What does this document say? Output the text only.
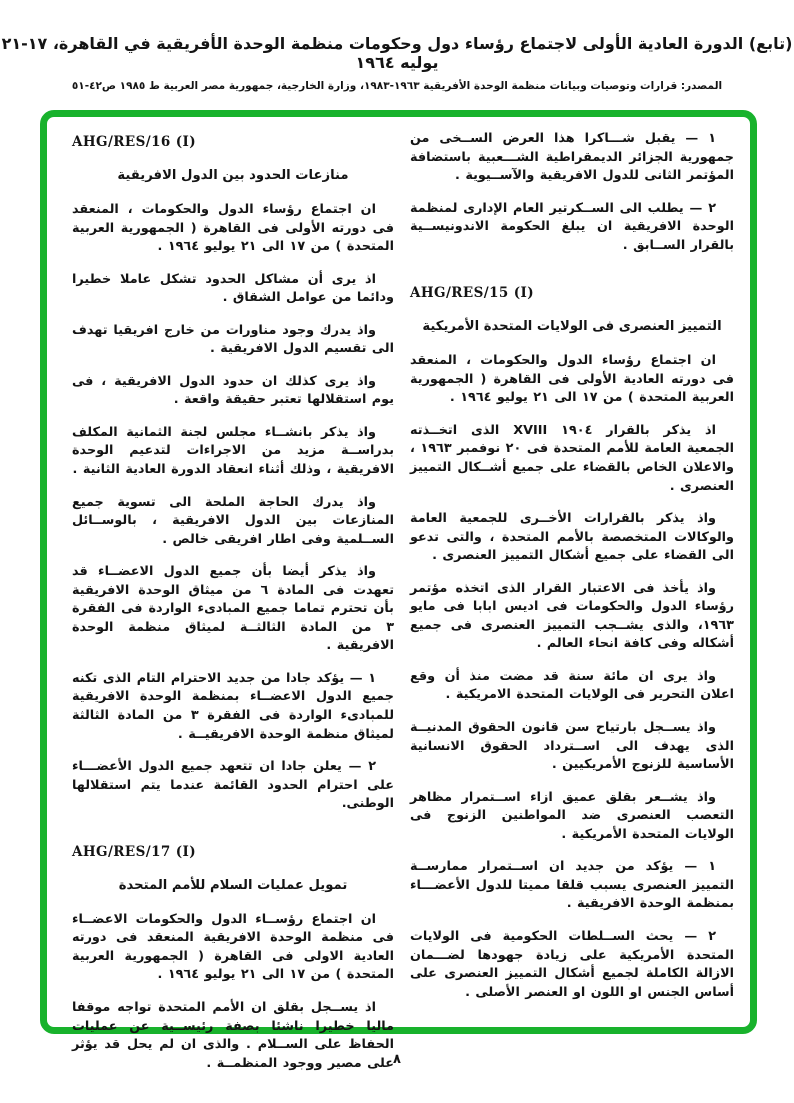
(تابع) الدورة العادية الأولى لاجتماع رؤساء دول وحكومات منظمة الوحدة الأفريقية في القاهرة، ١٧-٢١ يوليه ١٩٦٤
المصدر: قرارات وتوصيات وبيانات منظمة الوحدة الأفريقية ١٩٦٣-١٩٨٣، وزارة الخارجية، جمهورية مصر العربية ط ١٩٨٥ ص٤٢-٥١
AHG/RES/16 (I)
منازعات الحدود بين الدول الافريقية

ان اجتماع رؤساء الدول والحكومات ، المنعقد فى دورته الأولى فى القاهرة ( الجمهورية العربية المتحدة ) من ١٧ الى ٢١ يوليو ١٩٦٤ .

اذ يرى أن مشاكل الحدود تشكل عاملا خطيرا ودائما من عوامل الشقاق .

واذ يدرك وجود مناورات من خارج افريقيا تهدف الى تقسيم الدول الافريقية .

واذ يرى كذلك ان حدود الدول الافريقية ، فى يوم استقلالها تعتبر حقيقة واقعة .

واذ يذكر بانشــاء مجلس لجنة الثمانية المكلف بدراســة مزيد من الاجراءات لتدعيم الوحدة الافريقية ، وذلك أثناء انعقاد الدورة العادية الثانية .

واذ يدرك الحاجة الملحة الى تسوية جميع المنازعات بين الدول الافريقية ، بالوســائل الســلمية وفى اطار افريقى خالص .

واذ يذكر أيضا بأن جميع الدول الاعضــاء قد تعهدت فى المادة ٦ من ميثاق الوحدة الافريقية بأن تحترم تماما جميع المبادىء الواردة فى الفقرة ٣ من المادة الثالثــة لميثاق منظمة الوحدة الافريقية .

١ — يؤكد جادا من جديد الاحترام التام الذى تكنه جميع الدول الاعضــاء بمنظمة الوحدة الافريقية للمبادىء الواردة فى الفقرة ٣ من المادة الثالثة لميثاق منظمة الوحدة الافريقيــة .

٢ — يعلن جادا ان تتعهد جميع الدول الأعضـــاء على احترام الحدود القائمة عندما يتم استقلالها الوطنى.

AHG/RES/17 (I)
تمويل عمليات السلام للأمم المتحدة

ان اجتماع رؤســاء الدول والحكومات الاعضــاء فى منظمة الوحدة الافريقية المنعقد فى دورته العادية الاولى فى القاهرة ( الجمهورية العربية المتحدة ) من ١٧ الى ٢١ يوليو ١٩٦٤ .

اذ يســجل بقلق ان الأمم المتحدة تواجه موقفا ماليا خطيرا ناشئا بصفة رئيســية عن عمليات الحفاظ على الســلام . والذى ان لم يحل قد يؤثر على مصير ووجود المنظمــة .

١ — يقبل شـــاكرا هذا العرض الســخى من جمهورية الجزائر الديمقراطية الشـــعبية باستضافة المؤتمر الثانى للدول الافريقية والآســيوية .

٢ — يطلب الى الســكرتير العام الإدارى لمنظمة الوحدة الافريقية ان يبلغ الحكومة الاندونيســية بالقرار الســابق .

AHG/RES/15 (I)
التمييز العنصرى فى الولايات المتحدة الأمريكية

ان اجتماع رؤساء الدول والحكومات ، المنعقد فى دورته العادية الأولى فى القاهرة ( الجمهورية العربية المتحدة ) من ١٧ الى ٢١ يوليو ١٩٦٤ .

اذ يذكر بالقرار ١٩٠٤ XVIII الذى اتخــذته الجمعية العامة للأمم المتحدة فى ٢٠ نوفمبر ١٩٦٣ ، والاعلان الخاص بالقضاء على جميع أشــكال التمييز العنصرى .

واذ يذكر بالقرارات الأخــرى للجمعية العامة والوكالات المتخصصة بالأمم المتحدة ، والتى تدعو الى القضاء على جميع أشكال التمييز العنصرى .

واذ يأخذ فى الاعتبار القرار الذى اتخذه مؤتمر رؤساء الدول والحكومات فى اديس ابابا فى مايو ١٩٦٣، والذى يشــجب التمييز العنصرى فى جميع أشكاله وفى كافة انحاء العالم .

واذ يرى ان مائة سنة قد مضت منذ أن وقع اعلان التحرير فى الولايات المتحدة الامريكية .

واذ يســجل بارتياح سن قانون الحقوق المدنيــة الذى يهدف الى اســترداد الحقوق الانسانية الأساسية للزنوج الأمريكيين .

واذ يشــعر بقلق عميق ازاء اســتمرار مظاهر التعصب العنصرى ضد المواطنين الزنوج فى الولايات المتحدة الأمريكية .

١ — يؤكد من جديد ان اســتمرار ممارســة التمييز العنصرى يسبب قلقا مميتا للدول الأعضـــاء بمنظمة الوحدة الافريقية .

٢ — يحث الســلطات الحكومية فى الولايات المتحدة الأمريكية على زيادة جهودها لضـــمان الازالة الكاملة لجميع أشكال التمييز العنصرى على أساس الجنس او اللون او العنصر الأصلى .

٨
